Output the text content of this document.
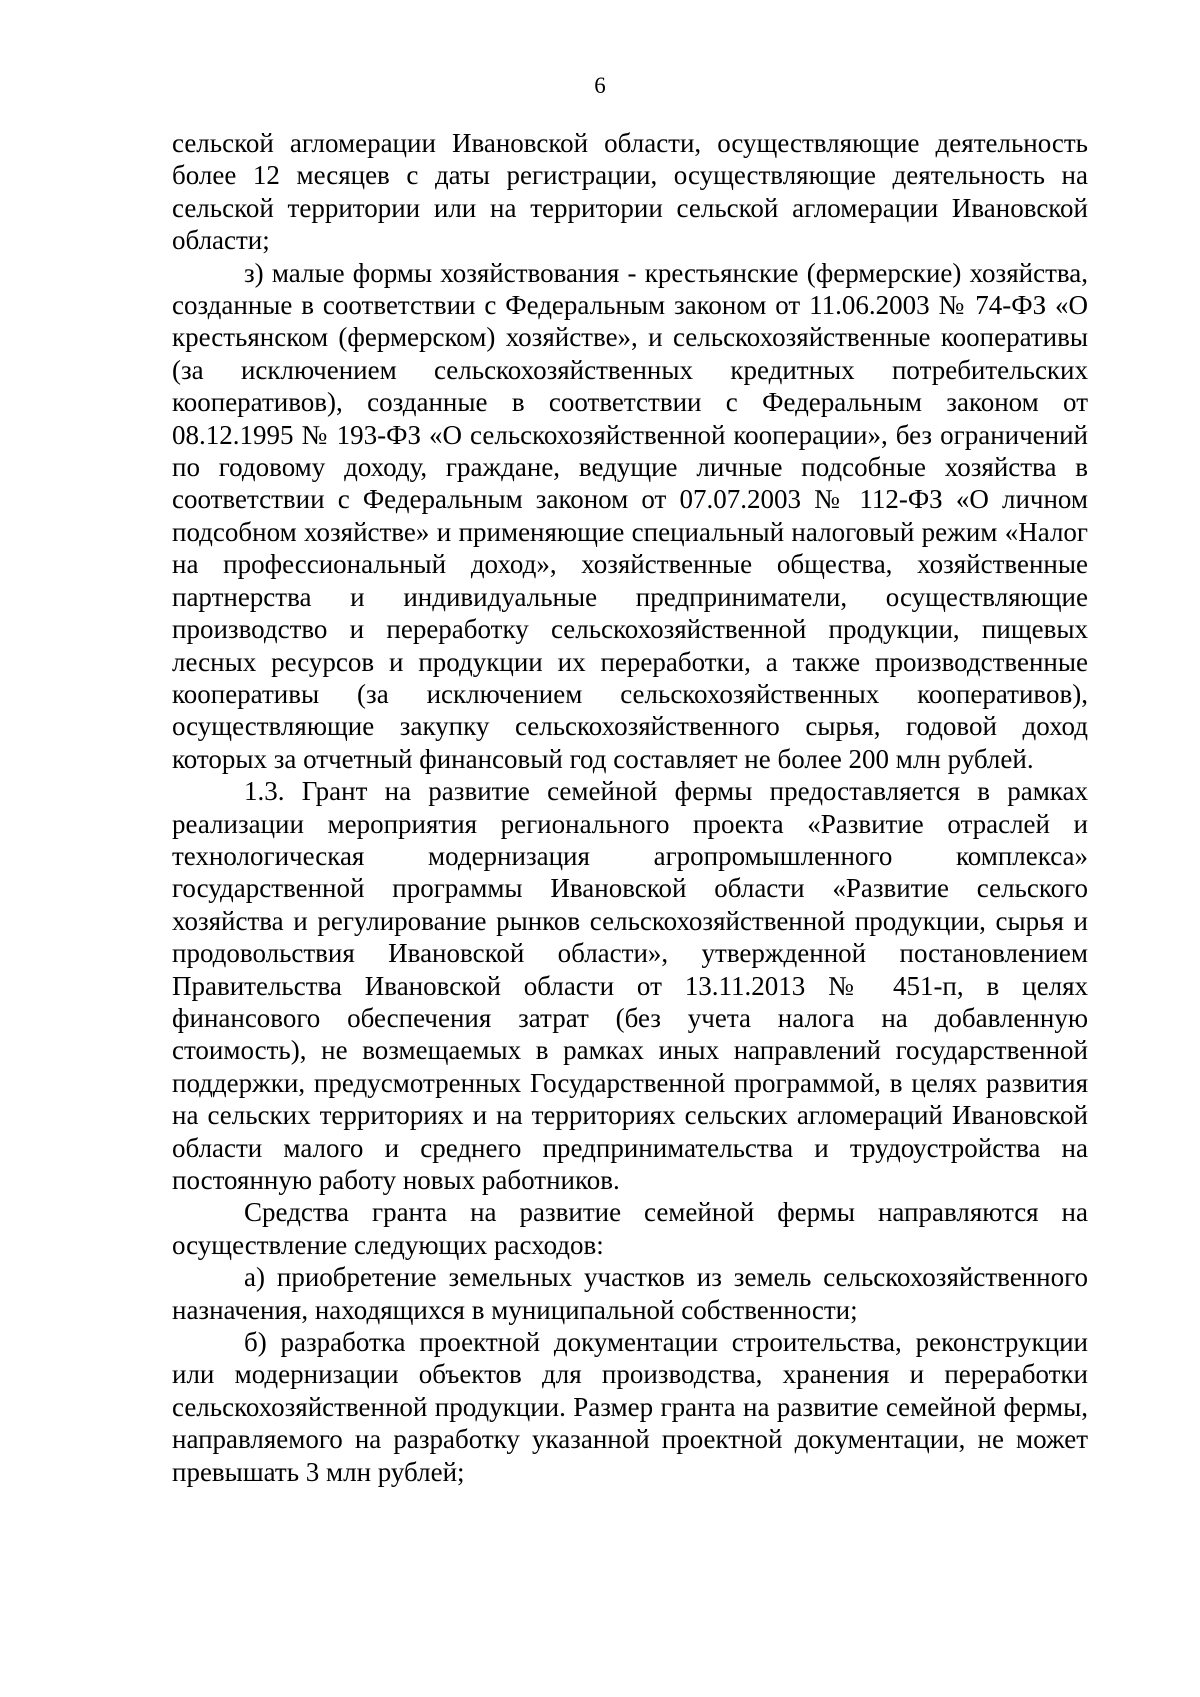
6

сельской агломерации Ивановской области, осуществляющие деятельность более 12 месяцев с даты регистрации, осуществляющие деятельность на сельской территории или на территории сельской агломерации Ивановской области;

з) малые формы хозяйствования - крестьянские (фермерские) хозяйства, созданные в соответствии с Федеральным законом от 11.06.2003 № 74-ФЗ «О крестьянском (фермерском) хозяйстве», и сельскохозяйственные кооперативы (за исключением сельскохозяйственных кредитных потребительских кооперативов), созданные в соответствии с Федеральным законом от 08.12.1995 № 193-ФЗ «О сельскохозяйственной кооперации», без ограничений по годовому доходу, граждане, ведущие личные подсобные хозяйства в соответствии с Федеральным законом от 07.07.2003 № 112-ФЗ «О личном подсобном хозяйстве» и применяющие специальный налоговый режим «Налог на профессиональный доход», хозяйственные общества, хозяйственные партнерства и индивидуальные предприниматели, осуществляющие производство и переработку сельскохозяйственной продукции, пищевых лесных ресурсов и продукции их переработки, а также производственные кооперативы (за исключением сельскохозяйственных кооперативов), осуществляющие закупку сельскохозяйственного сырья, годовой доход которых за отчетный финансовый год составляет не более 200 млн рублей.

1.3. Грант на развитие семейной фермы предоставляется в рамках реализации мероприятия регионального проекта «Развитие отраслей и технологическая модернизация агропромышленного комплекса» государственной программы Ивановской области «Развитие сельского хозяйства и регулирование рынков сельскохозяйственной продукции, сырья и продовольствия Ивановской области», утвержденной постановлением Правительства Ивановской области от 13.11.2013 № 451-п, в целях финансового обеспечения затрат (без учета налога на добавленную стоимость), не возмещаемых в рамках иных направлений государственной поддержки, предусмотренных Государственной программой, в целях развития на сельских территориях и на территориях сельских агломераций Ивановской области малого и среднего предпринимательства и трудоустройства на постоянную работу новых работников.

Средства гранта на развитие семейной фермы направляются на осуществление следующих расходов:

а) приобретение земельных участков из земель сельскохозяйственного назначения, находящихся в муниципальной собственности;

б) разработка проектной документации строительства, реконструкции или модернизации объектов для производства, хранения и переработки сельскохозяйственной продукции. Размер гранта на развитие семейной фермы, направляемого на разработку указанной проектной документации, не может превышать 3 млн рублей;
